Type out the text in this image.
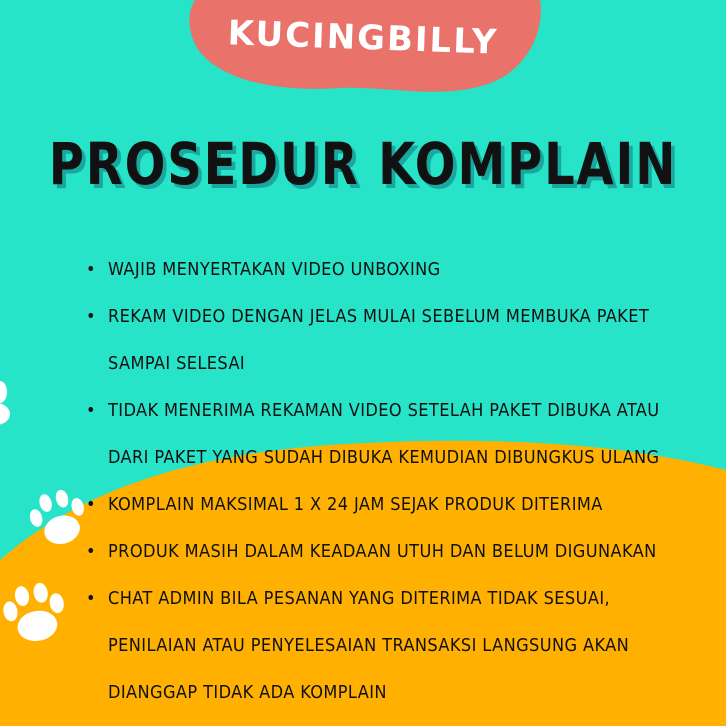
KUCINGBILLY
PROSEDUR KOMPLAIN
• WAJIB MENYERTAKAN VIDEO UNBOXING
• REKAM VIDEO DENGAN JELAS MULAI SEBELUM MEMBUKA PAKET SAMPAI SELESAI
• TIDAK MENERIMA REKAMAN VIDEO SETELAH PAKET DIBUKA ATAU DARI PAKET YANG SUDAH DIBUKA KEMUDIAN DIBUNGKUS ULANG
• KOMPLAIN MAKSIMAL 1 X 24 JAM SEJAK PRODUK DITERIMA
• PRODUK MASIH DALAM KEADAAN UTUH DAN BELUM DIGUNAKAN
• CHAT ADMIN BILA PESANAN YANG DITERIMA TIDAK SESUAI, PENILAIAN ATAU PENYELESAIAN TRANSAKSI LANGSUNG AKAN DIANGGAP TIDAK ADA KOMPLAIN
